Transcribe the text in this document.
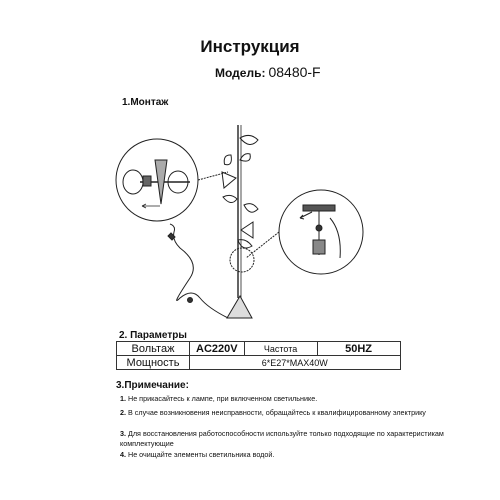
Инструкция
Модель: 08480-F
1.Монтаж
2. Параметры
Вольтаж	AC220V	Частота	50HZ
Мощность	6*E27*MAX40W		
3.Примечание:
1. Не прикасайтесь к лампе, при включенном светильнике.
2. В случае возникновения неисправности, обращайтесь к квалифицированному электрику
3. Для восстановления работоспособности используйте только подходящие по характеристикам комплектующие
4. Не очищайте элементы светильника водой.
